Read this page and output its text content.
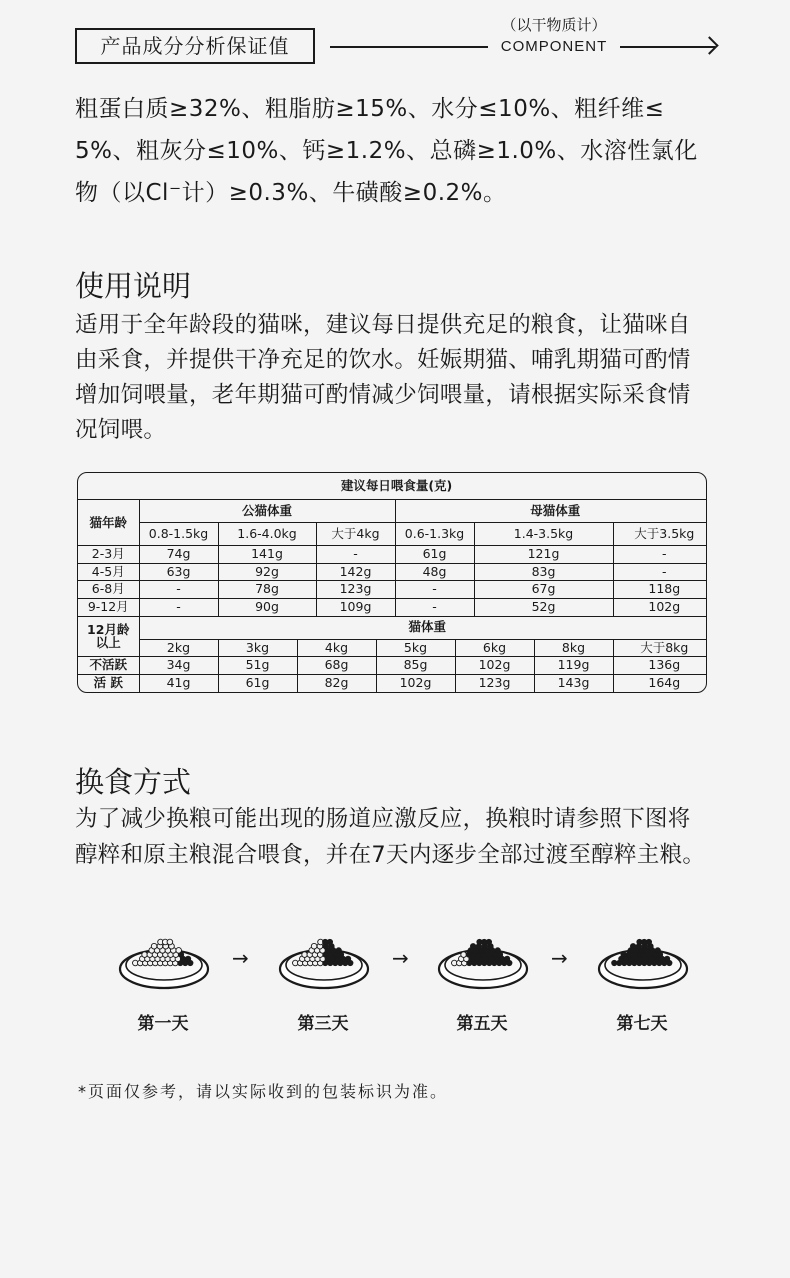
产品成分分析保证值
（以干物质计）
COMPONENT
粗蛋白质≥32%、粗脂肪≥15%、水分≤10%、粗纤维≤
5%、粗灰分≤10%、钙≥1.2%、总磷≥1.0%、水溶性氯化
物（以Cl⁻计）≥0.3%、牛磺酸≥0.2%。
使用说明
适用于全年龄段的猫咪，建议每日提供充足的粮食，让猫咪自
由采食，并提供干净充足的饮水。妊娠期猫、哺乳期猫可酌情
增加饲喂量，老年期猫可酌情减少饲喂量，请根据实际采食情
况饲喂。
建议每日喂食量(克)										
猫年龄	公猫体重					母猫体重				
	0.8-1.5kg	1.6-4.0kg		大于4kg		0.6-1.3kg		1.4-3.5kg		大于3.5kg
2-3月	74g	141g		-		61g		121g		-
4-5月	63g	92g		142g		48g		83g		-
6-8月	-	78g		123g		-		67g		118g
9-12月	-	90g		109g		-		52g		102g
12月龄以上	猫体重									
	2kg	3kg	4kg		5kg		6kg		8kg	大于8kg
不活跃	34g	51g	68g		85g		102g		119g	136g
活 跃	41g	61g	82g		102g		123g		143g	164g
换食方式
为了减少换粮可能出现的肠道应激反应，换粮时请参照下图将
醇粹和原主粮混合喂食，并在7天内逐步全部过渡至醇粹主粮。
→	→	→
第一天	第三天	第五天	第七天
*页面仅参考，请以实际收到的包装标识为准。
